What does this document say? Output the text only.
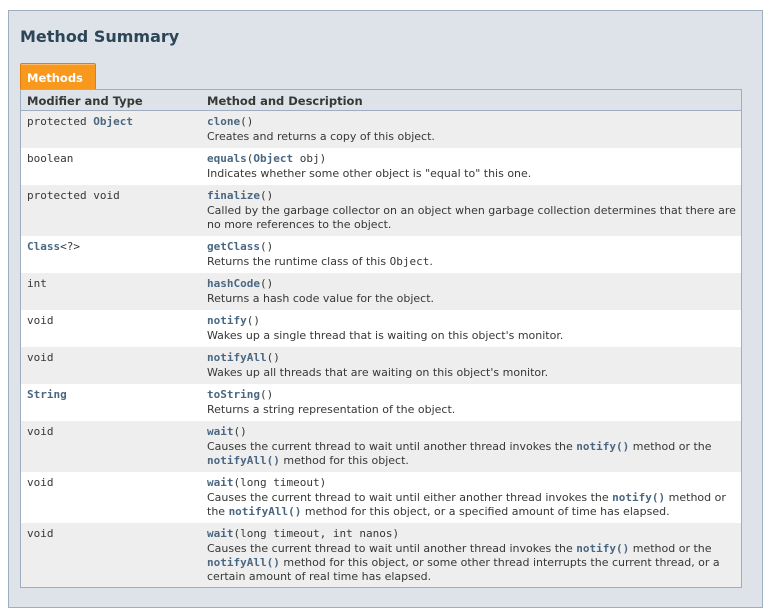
Method Summary
Methods
Modifier and Type	Method and Description
protected Object	clone()
Creates and returns a copy of this object.
boolean	equals(Object obj)
Indicates whether some other object is "equal to" this one.
protected void	finalize()
Called by the garbage collector on an object when garbage collection determines that there are no more references to the object.
Class<?>	getClass()
Returns the runtime class of this Object.
int	hashCode()
Returns a hash code value for the object.
void	notify()
Wakes up a single thread that is waiting on this object's monitor.
void	notifyAll()
Wakes up all threads that are waiting on this object's monitor.
String	toString()
Returns a string representation of the object.
void	wait()
Causes the current thread to wait until another thread invokes the notify() method or the notifyAll() method for this object.
void	wait(long timeout)
Causes the current thread to wait until either another thread invokes the notify() method or the notifyAll() method for this object, or a specified amount of time has elapsed.
void	wait(long timeout, int nanos)
Causes the current thread to wait until another thread invokes the notify() method or the notifyAll() method for this object, or some other thread interrupts the current thread, or a certain amount of real time has elapsed.
